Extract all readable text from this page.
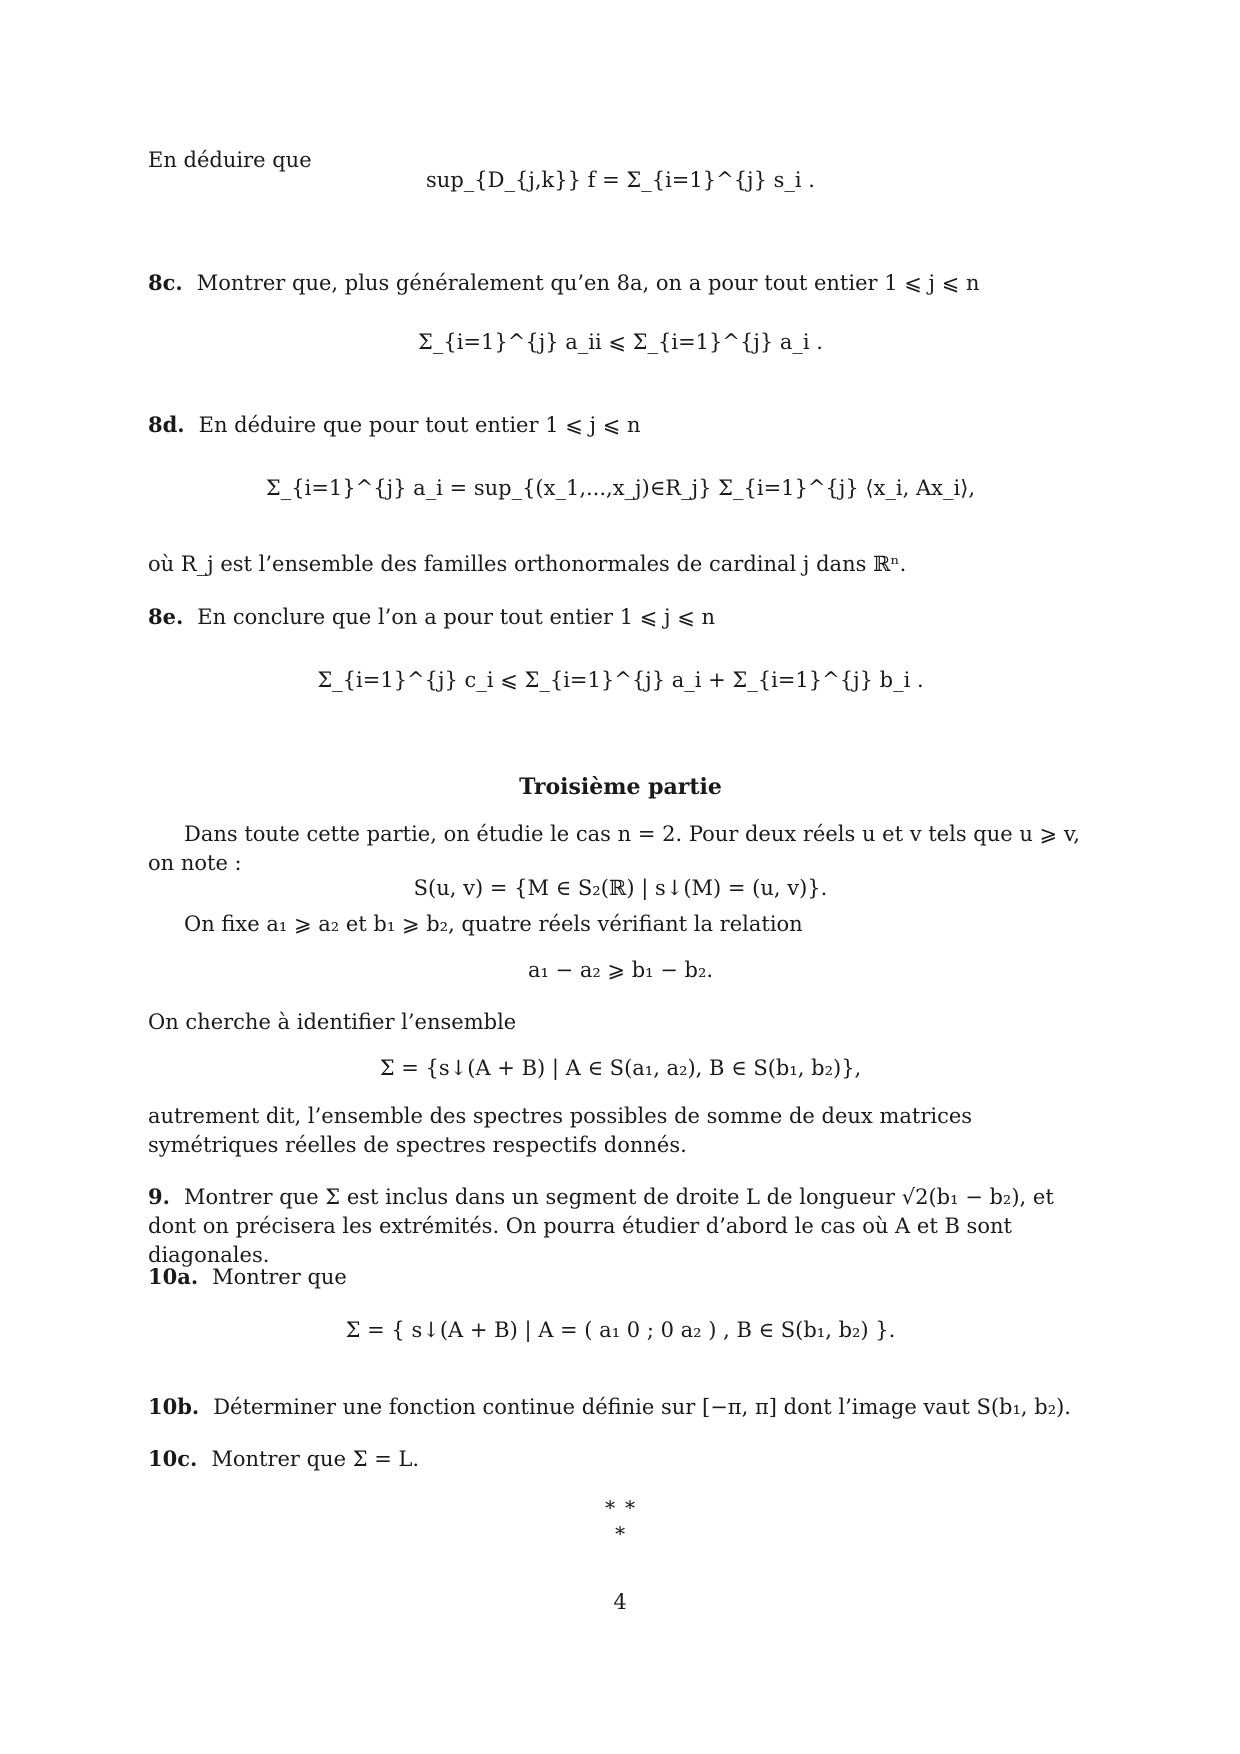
En déduire que
sup_{D_{j,k}} f = Σ_{i=1}^{j} s_i .
8c. Montrer que, plus généralement qu’en 8a, on a pour tout entier 1 ⩽ j ⩽ n
Σ_{i=1}^{j} a_ii ⩽ Σ_{i=1}^{j} a_i .
8d. En déduire que pour tout entier 1 ⩽ j ⩽ n
Σ_{i=1}^{j} a_i = sup_{(x_1,...,x_j)∈R_j} Σ_{i=1}^{j} ⟨x_i, Ax_i⟩,
où R_j est l’ensemble des familles orthonormales de cardinal j dans ℝⁿ.
8e. En conclure que l’on a pour tout entier 1 ⩽ j ⩽ n
Σ_{i=1}^{j} c_i ⩽ Σ_{i=1}^{j} a_i + Σ_{i=1}^{j} b_i .
Troisième partie
Dans toute cette partie, on étudie le cas n = 2. Pour deux réels u et v tels que u ⩾ v, on note :
S(u, v) = {M ∈ S₂(ℝ) | s↓(M) = (u, v)}.
On fixe a₁ ⩾ a₂ et b₁ ⩾ b₂, quatre réels vérifiant la relation
a₁ − a₂ ⩾ b₁ − b₂.
On cherche à identifier l’ensemble
Σ = {s↓(A + B) | A ∈ S(a₁, a₂), B ∈ S(b₁, b₂)},
autrement dit, l’ensemble des spectres possibles de somme de deux matrices symétriques réelles de spectres respectifs donnés.
9. Montrer que Σ est inclus dans un segment de droite L de longueur √2(b₁ − b₂), et dont on précisera les extrémités. On pourra étudier d’abord le cas où A et B sont diagonales.
10a. Montrer que
Σ = { s↓(A + B) | A = ( a₁ 0 ; 0 a₂ ) , B ∈ S(b₁, b₂) }.
10b. Déterminer une fonction continue définie sur [−π, π] dont l’image vaut S(b₁, b₂).
10c. Montrer que Σ = L.
∗ ∗
∗
4
